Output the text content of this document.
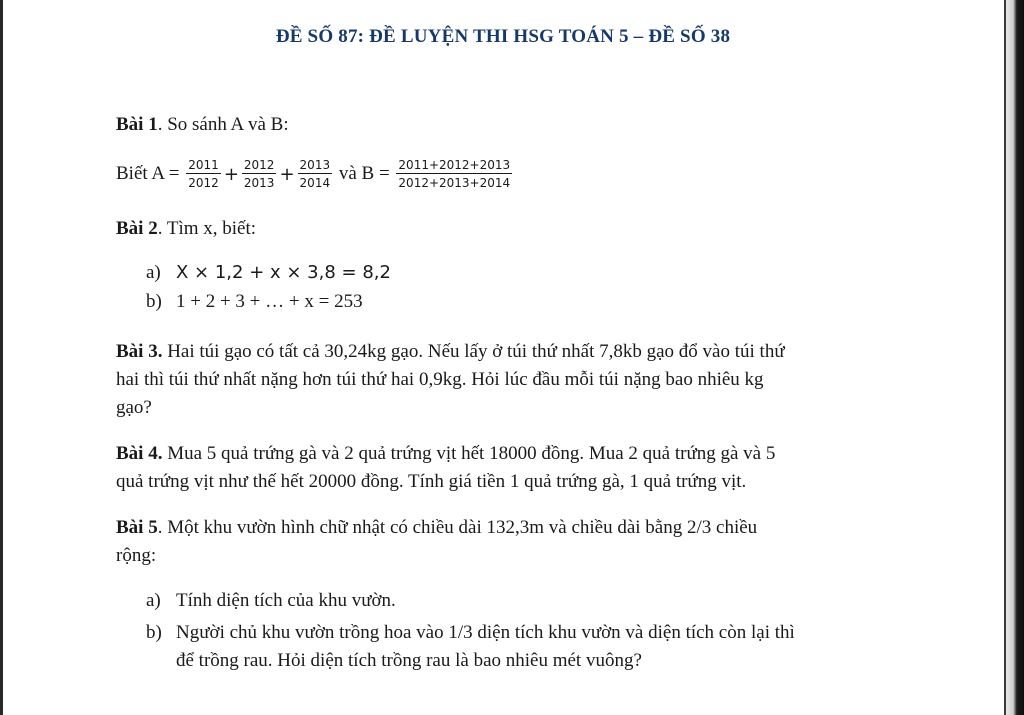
ĐỀ SỐ 87: ĐỀ LUYỆN THI HSG TOÁN 5 – ĐỀ SỐ 38
Bài 1. So sánh A và B:
Biết $A = \frac{2011}{2012} + \frac{2012}{2013} + \frac{2013}{2014}$ và $B = \frac{2011+2012+2013}{2012+2013+2014}$
Bài 2. Tìm x, biết:
a) X × 1,2 + x × 3,8 = 8,2
b) 1 + 2 + 3 + … + x = 253
Bài 3. Hai túi gạo có tất cả 30,24kg gạo. Nếu lấy ở túi thứ nhất 7,8kb gạo đổ vào túi thứ
hai thì túi thứ nhất nặng hơn túi thứ hai 0,9kg. Hỏi lúc đầu mỗi túi nặng bao nhiêu kg
gạo?
Bài 4. Mua 5 quả trứng gà và 2 quả trứng vịt hết 18000 đồng. Mua 2 quả trứng gà và 5
quả trứng vịt như thế hết 20000 đồng. Tính giá tiền 1 quả trứng gà, 1 quả trứng vịt.
Bài 5. Một khu vườn hình chữ nhật có chiều dài 132,3m và chiều dài bằng 2/3 chiều
rộng:
a) Tính diện tích của khu vườn.
b) Người chủ khu vườn trồng hoa vào 1/3 diện tích khu vườn và diện tích còn lại thì
để trồng rau. Hỏi diện tích trồng rau là bao nhiêu mét vuông?
